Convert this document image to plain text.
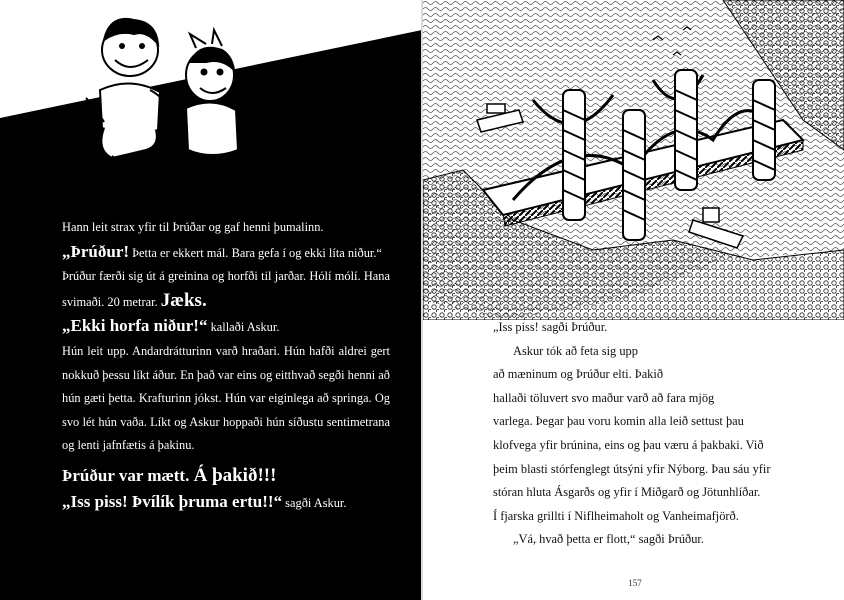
Hann leit strax yfir til Þrúðar og gaf henni þumalinn.

„Þrúður! Þetta er ekkert mál. Bara gefa í og ekki líta niður.“

Þrúður færði sig út á greinina og horfði til jarðar. Hólí mólí. Hana svimaði. 20 metrar. Jæks.

„Ekki horfa niður!“ kallaði Askur.

Hún leit upp. Andardrátturinn varð hraðari. Hún hafði aldrei gert nokkuð þessu líkt áður. En það var eins og eitthvað segði henni að hún gæti þetta. Krafturinn jókst. Hún var eiginlega að springa. Og svo lét hún vaða. Líkt og Askur hoppaði hún síðustu sentimetrana og lenti jafnfætis á þakinu.

Þrúður var mætt. Á þakið!!!

„Iss piss! Þvílík þruma ertu!!“ sagði Askur.

„Iss piss! sagði Þrúður.

Askur tók að feta sig upp

að mæninum og Þrúður elti. Þakið

hallaði töluvert svo maður varð að fara mjög

varlega. Þegar þau voru komin alla leið settust þau

klofvega yfir brúnina, eins og þau væru á þakbaki. Við

þeim blasti stórfenglegt útsýni yfir Nýborg. Þau sáu yfir

stóran hluta Ásgarðs og yfir í Miðgarð og Jötunhlíðar.

Í fjarska grillti í Niflheimaholt og Vanheimafjörð.

„Vá, hvað þetta er flott,“ sagði Þrúður.

157
